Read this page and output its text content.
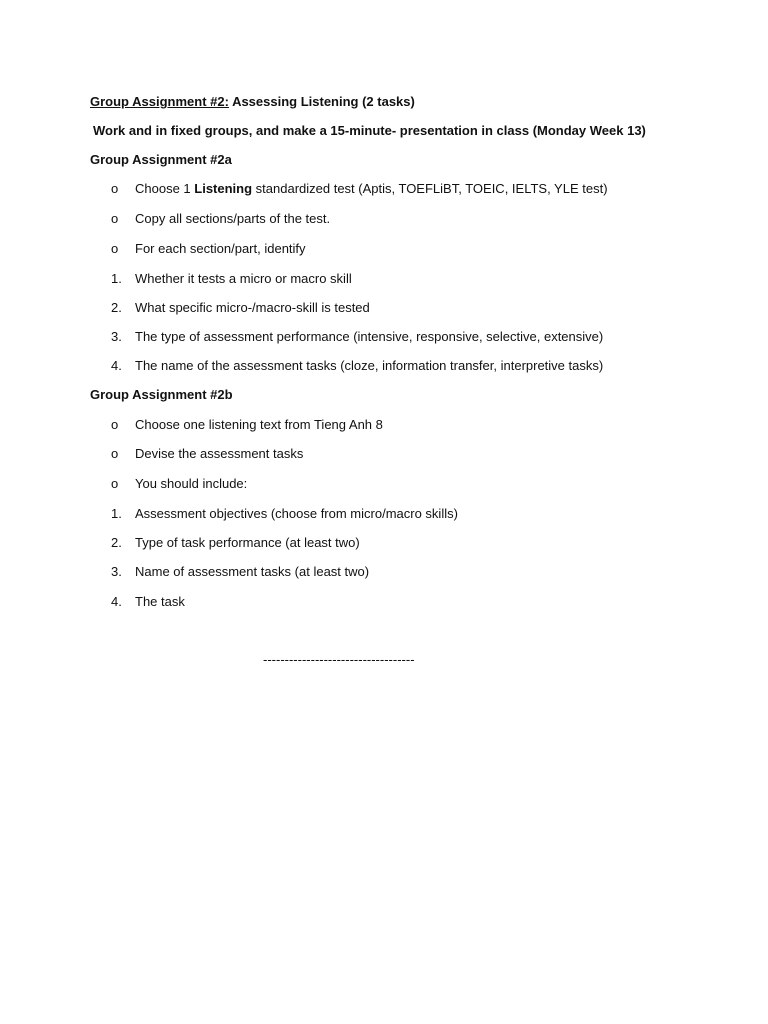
Group Assignment #2: Assessing Listening (2 tasks)
Work and in fixed groups, and make a 15-minute- presentation in class (Monday Week 13)
Group Assignment #2a
o	Choose 1 Listening standardized test (Aptis, TOEFLiBT, TOEIC, IELTS, YLE test)
o	Copy all sections/parts of the test.
o	For each section/part, identify
1.	Whether it tests a micro or macro skill
2.	What specific micro-/macro-skill is tested
3.	The type of assessment performance (intensive, responsive, selective, extensive)
4.	The name of the assessment tasks (cloze, information transfer, interpretive tasks)
Group Assignment #2b
o	Choose one listening text from Tieng Anh 8
o	Devise the assessment tasks
o	You should include:
1.	Assessment objectives (choose from micro/macro skills)
2.	Type of task performance (at least two)
3.	Name of assessment tasks (at least two)
4.	The task
-----------------------------------
